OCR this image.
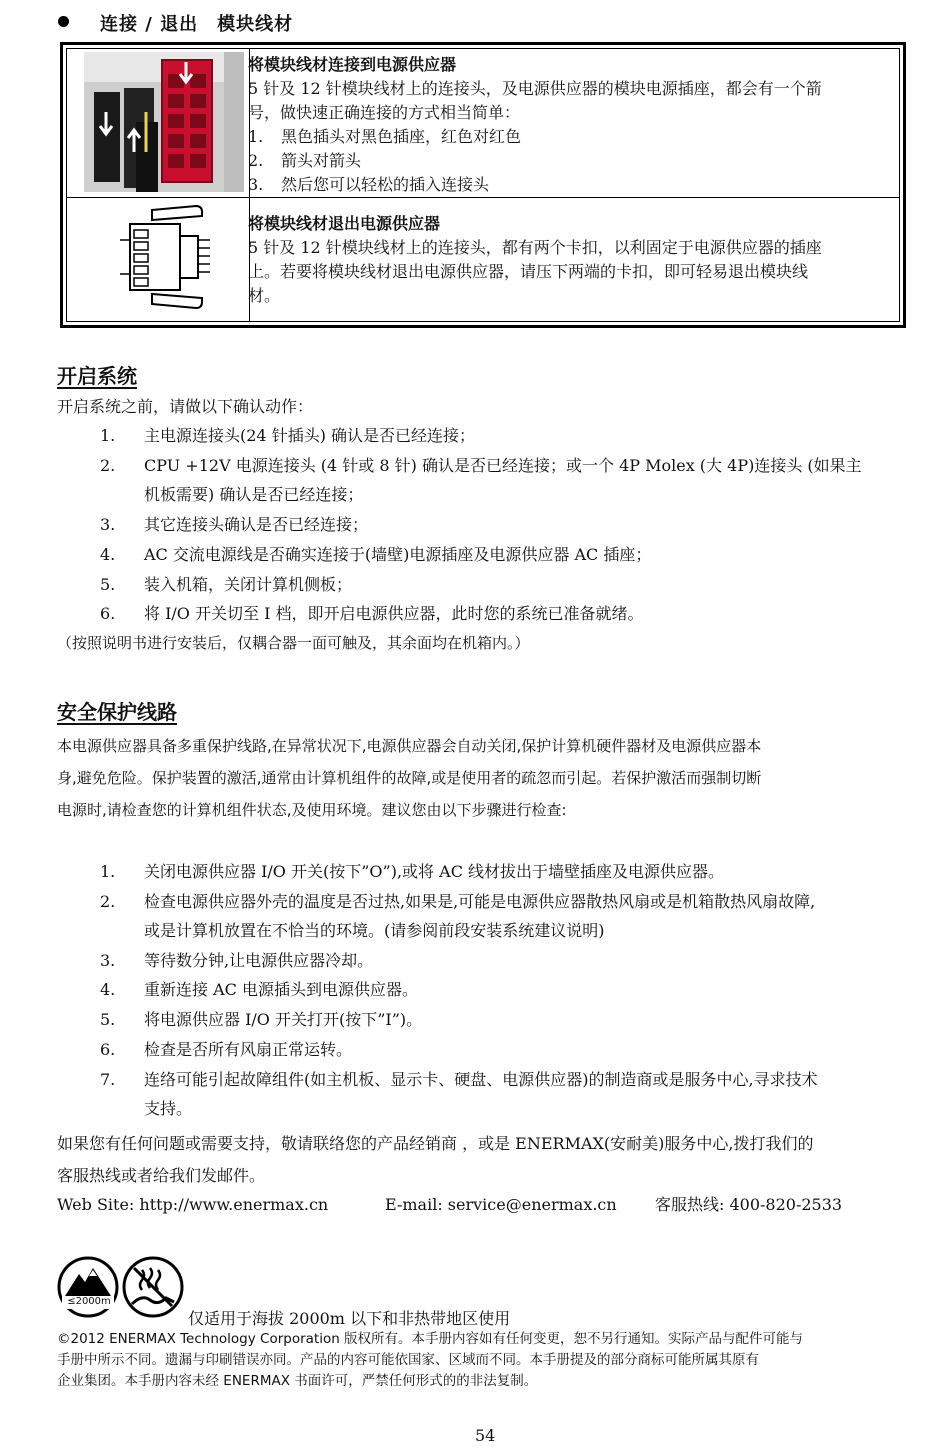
连接 / 退出　模块线材
将模块线材连接到电源供应器
5 针及 12 针模块线材上的连接头，及电源供应器的模块电源插座，都会有一个箭
号，做快速正确连接的方式相当简单：
1. 黑色插头对黑色插座，红色对红色
2. 箭头对箭头
3. 然后您可以轻松的插入连接头
将模块线材退出电源供应器
5 针及 12 针模块线材上的连接头，都有两个卡扣，以利固定于电源供应器的插座
上。若要将模块线材退出电源供应器，请压下两端的卡扣，即可轻易退出模块线
材。
开启系统
开启系统之前，请做以下确认动作：
1. 主电源连接头(24 针插头) 确认是否已经连接；
2. CPU +12V 电源连接头 (4 针或 8 针) 确认是否已经连接；或一个 4P Molex (大 4P)连接头 (如果主
机板需要) 确认是否已经连接；
3. 其它连接头确认是否已经连接；
4. AC 交流电源线是否确实连接于(墙壁)电源插座及电源供应器 AC 插座；
5. 装入机箱，关闭计算机侧板；
6. 将 I/O 开关切至 I 档，即开启电源供应器，此时您的系统已准备就绪。
（按照说明书进行安装后，仅耦合器一面可触及，其余面均在机箱内。）
安全保护线路
本电源供应器具备多重保护线路,在异常状况下,电源供应器会自动关闭,保护计算机硬件器材及电源供应器本
身,避免危险。保护装置的激活,通常由计算机组件的故障,或是使用者的疏忽而引起。若保护激活而强制切断
电源时,请检查您的计算机组件状态,及使用环境。建议您由以下步骤进行检查:
1. 关闭电源供应器 I/O 开关(按下”O”),或将 AC 线材拔出于墙壁插座及电源供应器。
2. 检查电源供应器外壳的温度是否过热,如果是,可能是电源供应器散热风扇或是机箱散热风扇故障,
或是计算机放置在不恰当的环境。(请参阅前段安装系统建议说明)
3. 等待数分钟,让电源供应器冷却。
4. 重新连接 AC 电源插头到电源供应器。
5. 将电源供应器 I/O 开关打开(按下”I”)。
6. 检查是否所有风扇正常运转。
7. 连络可能引起故障组件(如主机板、显示卡、硬盘、电源供应器)的制造商或是服务中心,寻求技术
支持。
如果您有任何问题或需要支持，敬请联络您的产品经销商 ，或是 ENERMAX(安耐美)服务中心,拨打我们的
客服热线或者给我们发邮件。
Web Site: http://www.enermax.cn	E-mail: service@enermax.cn 客服热线: 400-820-2533
≤2000m
仅适用于海拔 2000m 以下和非热带地区使用
©2012 ENERMAX Technology Corporation 版权所有。本手册内容如有任何变更，恕不另行通知。实际产品与配件可能与
手册中所示不同。遗漏与印刷错误亦同。产品的内容可能依国家、区域而不同。本手册提及的部分商标可能所属其原有
企业集团。本手册内容未经 ENERMAX 书面许可，严禁任何形式的的非法复制。
54
